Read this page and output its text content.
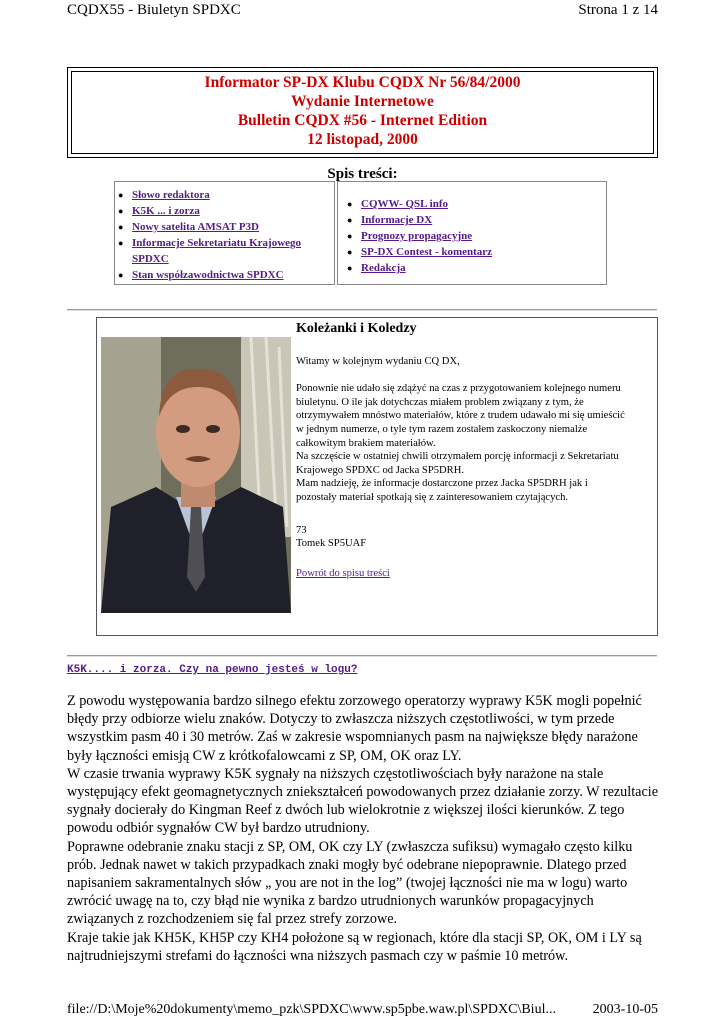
CQDX55 - Biuletyn SPDXC	Strona 1 z 14
Informator SP-DX Klubu CQDX Nr 56/84/2000
Wydanie Internetowe
Bulletin CQDX #56 - Internet Edition
12 listopad, 2000
Spis treści:
● Słowo redaktora
● K5K ... i zorza
● Nowy satelita AMSAT P3D
● Informacje Sekretariatu Krajowego SPDXC
● Stan współzawodnictwa SPDXC
● CQWW- QSL info
● Informacje DX
● Prognozy propagacyjne
● SP-DX Contest - komentarz
● Redakcja
Koleżanki i Koledzy
Witamy w kolejnym wydaniu CQ DX,
Ponownie nie udało się zdążyć na czas z przygotowaniem kolejnego numeru biuletynu. O ile jak dotychczas miałem problem związany z tym, że otrzymywałem mnóstwo materiałów, które z trudem udawało mi się umieścić w jednym numerze, o tyle tym razem zostałem zaskoczony niemalże całkowitym brakiem materiałów.
Na szczęście w ostatniej chwili otrzymałem porcję informacji z Sekretariatu Krajowego SPDXC od Jacka SP5DRH.
Mam nadzieję, że informacje dostarczone przez Jacka SP5DRH jak i pozostały materiał spotkają się z zainteresowaniem czytających.
73
Tomek SP5UAF
Powrót do spisu treści
K5K.... i zorza. Czy na pewno jesteś w logu?
Z powodu występowania bardzo silnego efektu zorzowego operatorzy wyprawy K5K mogli popełnić błędy przy odbiorze wielu znaków. Dotyczy to zwłaszcza niższych częstotliwości, w tym przede wszystkim pasm 40 i 30 metrów. Zaś w zakresie wspomnianych pasm na największe błędy narażone były łączności emisją CW z krótkofalowcami z SP, OM, OK oraz LY.
W czasie trwania wyprawy K5K sygnały na niższych częstotliwościach były narażone na stale występujący efekt geomagnetycznych zniekształceń powodowanych przez działanie zorzy. W rezultacie sygnały docierały do Kingman Reef z dwóch lub wielokrotnie z większej ilości kierunków. Z tego powodu odbiór sygnałów CW był bardzo utrudniony.
Poprawne odebranie znaku stacji z SP, OM, OK czy LY (zwłaszcza sufiksu) wymagało często kilku prób. Jednak nawet w takich przypadkach znaki mogły być odebrane niepoprawnie. Dlatego przed napisaniem sakramentalnych słów „ you are not in the log” (twojej łączności nie ma w logu) warto zwrócić uwagę na to, czy błąd nie wynika z bardzo utrudnionych warunków propagacyjnych związanych z rozchodzeniem się fal przez strefy zorzowe.
Kraje takie jak KH5K, KH5P czy KH4 położone są w regionach, które dla stacji SP, OK, OM i LY są najtrudniejszymi strefami do łączności wna niższych pasmach czy w paśmie 10 metrów.
file://D:\Moje%20dokumenty\memo_pzk\SPDXC\www.sp5pbe.waw.pl\SPDXC\Biul...	2003-10-05
